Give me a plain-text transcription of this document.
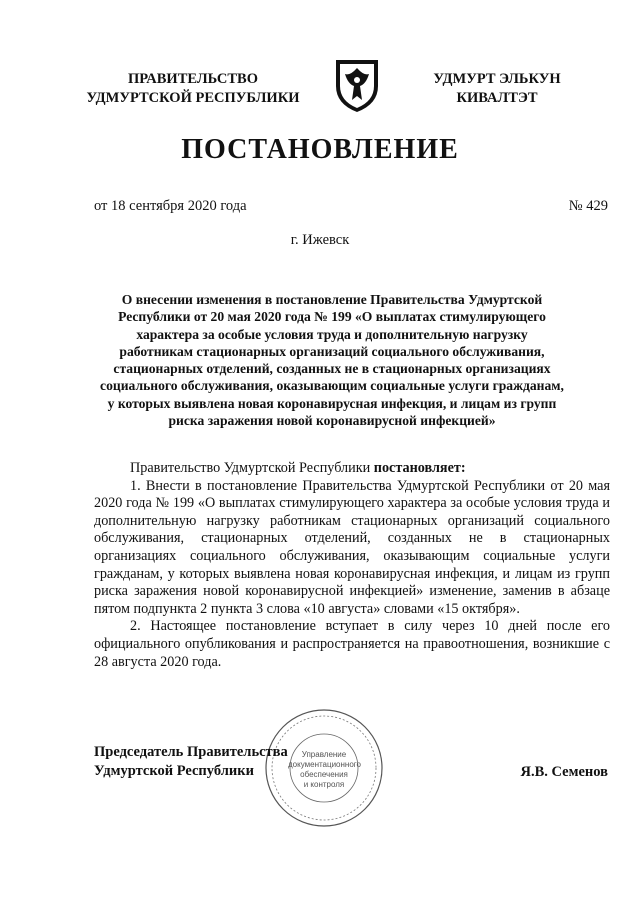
ПРАВИТЕЛЬСТВО
УДМУРТСКОЙ РЕСПУБЛИКИ
УДМУРТ ЭЛЬКУН
КИВАЛТЭТ
ПОСТАНОВЛЕНИЕ
от 18 сентября 2020 года	№ 429
г. Ижевск
О внесении изменения в постановление Правительства Удмуртской
Республики от 20 мая 2020 года № 199 «О выплатах стимулирующего
характера за особые условия труда и дополнительную нагрузку
работникам стационарных организаций социального обслуживания,
стационарных отделений, созданных не в стационарных организациях
социального обслуживания, оказывающим социальные услуги гражданам,
у которых выявлена новая коронавирусная инфекция, и лицам из групп
риска заражения новой коронавирусной инфекцией»

Правительство Удмуртской Республики постановляет:

1. Внести в постановление Правительства Удмуртской Республики от 20 мая 2020 года № 199 «О выплатах стимулирующего характера за особые условия труда и дополнительную нагрузку работникам стационарных организаций социального обслуживания, стационарных отделений, созданных не в стационарных организациях социального обслуживания, оказывающим социальные услуги гражданам, у которых выявлена новая коронавирусная инфекция, и лицам из групп риска заражения новой коронавирусной инфекцией» изменение, заменив в абзаце пятом подпункта 2 пункта 3 слова «10 августа» словами «15 октября».

2. Настоящее постановление вступает в силу через 10 дней после его официального опубликования и распространяется на правоотношения, возникшие с 28 августа 2020 года.

Управление
документационного
обеспечения
и контроля
Председатель Правительства
Удмуртской Республики	Я.В. Семенов
